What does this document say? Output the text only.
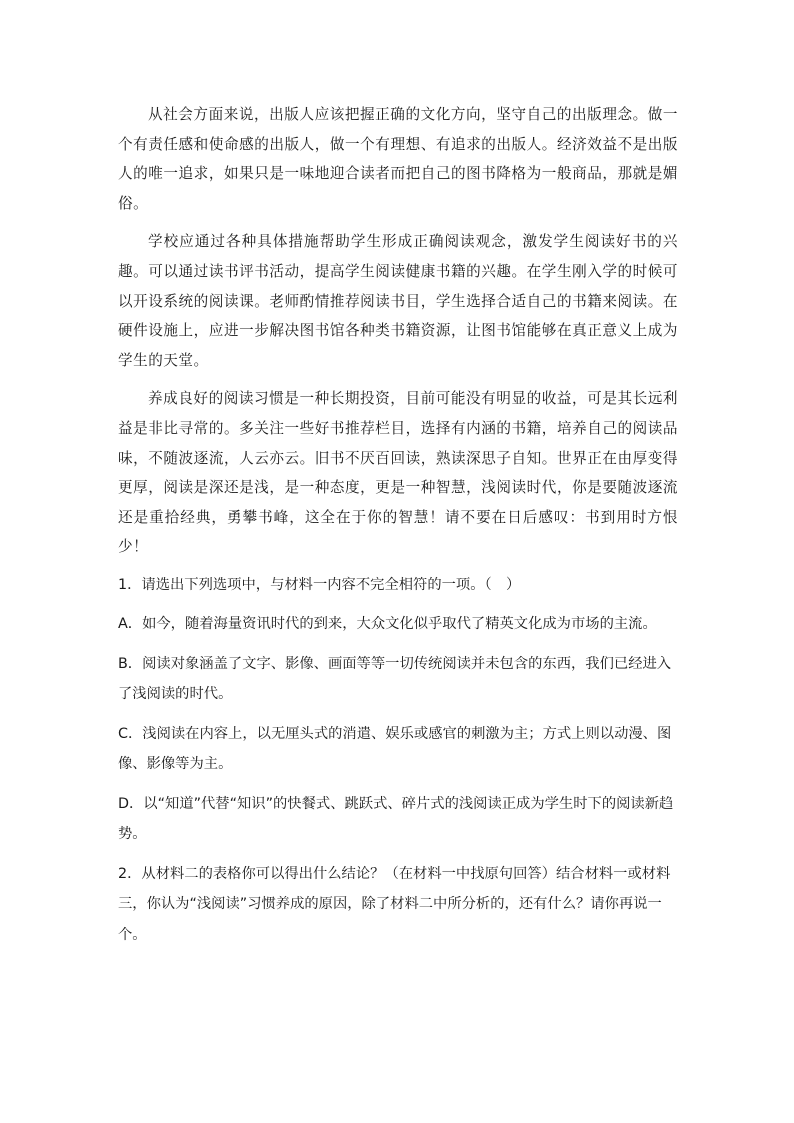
从社会方面来说，出版人应该把握正确的文化方向，坚守自己的出版理念。做一个有责任感和使命感的出版人，做一个有理想、有追求的出版人。经济效益不是出版人的唯一追求，如果只是一味地迎合读者而把自己的图书降格为一般商品，那就是媚俗。

学校应通过各种具体措施帮助学生形成正确阅读观念，激发学生阅读好书的兴趣。可以通过读书评书活动，提高学生阅读健康书籍的兴趣。在学生刚入学的时候可以开设系统的阅读课。老师酌情推荐阅读书目，学生选择合适自己的书籍来阅读。在硬件设施上，应进一步解决图书馆各种类书籍资源，让图书馆能够在真正意义上成为学生的天堂。

养成良好的阅读习惯是一种长期投资，目前可能没有明显的收益，可是其长远利益是非比寻常的。多关注一些好书推荐栏目，选择有内涵的书籍，培养自己的阅读品味，不随波逐流，人云亦云。旧书不厌百回读，熟读深思子自知。世界正在由厚变得更厚，阅读是深还是浅，是一种态度，更是一种智慧，浅阅读时代，你是要随波逐流还是重拾经典，勇攀书峰，这全在于你的智慧！请不要在日后感叹：书到用时方恨少！

1．请选出下列选项中，与材料一内容不完全相符的一项。（　）

A．如今，随着海量资讯时代的到来，大众文化似乎取代了精英文化成为市场的主流。

B．阅读对象涵盖了文字、影像、画面等等一切传统阅读并未包含的东西，我们已经进入了浅阅读的时代。

C．浅阅读在内容上，以无厘头式的消遣、娱乐或感官的刺激为主；方式上则以动漫、图像、影像等为主。

D．以“知道”代替“知识”的快餐式、跳跃式、碎片式的浅阅读正成为学生时下的阅读新趋势。

2．从材料二的表格你可以得出什么结论？（在材料一中找原句回答）结合材料一或材料三，你认为“浅阅读”习惯养成的原因，除了材料二中所分析的，还有什么？请你再说一个。
